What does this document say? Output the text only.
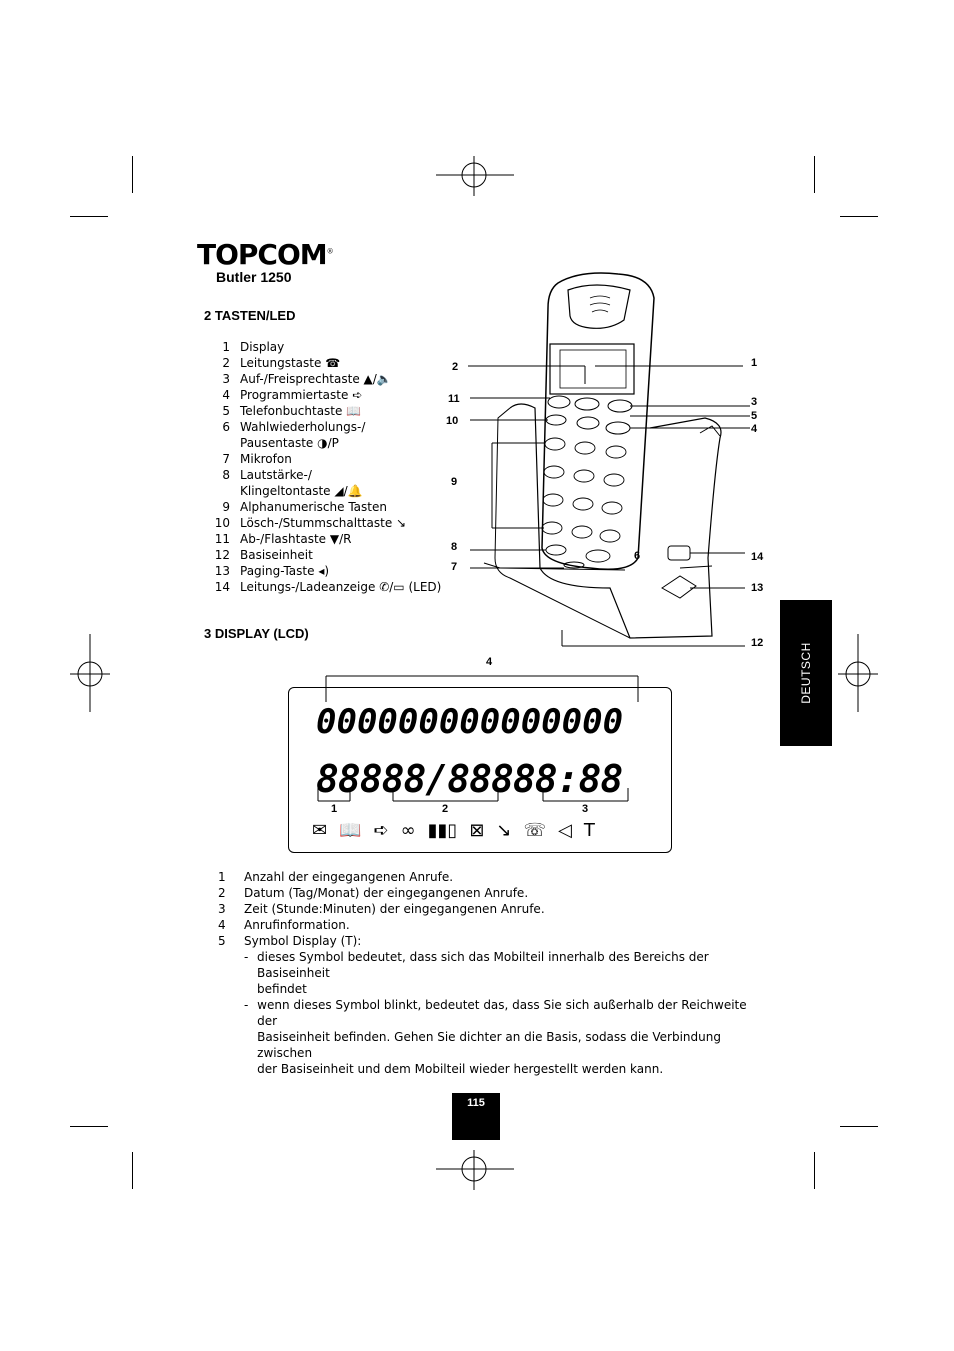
TOPCOM®
Butler 1250
2 TASTEN/LED
1 Display
2 Leitungstaste ☎
3 Auf-/Freisprechtaste ▲/🔈
4 Programmiertaste ➪
5 Telefonbuchtaste 📖
6 Wahlwiederholungs-/
Pausentaste ◑/P
7 Mikrofon
8 Lautstärke-/
Klingeltontaste ◢/🔔
9 Alphanumerische Tasten
10 Lösch-/Stummschalttaste ↘
11 Ab-/Flashtaste ▼/R
12 Basiseinheit
13 Paging-Taste ◂)
14 Leitungs-/Ladeanzeige ✆/▭ (LED)
2
11
10
9
8
7
1
3
5
4
6	14
13
12	DEUTSCH
3 DISPLAY (LCD)
4
000000000000000
88888/88888:88
1	2	3
✉ 📖 ➪ ∞ ▮▮▯ ⊠ ↘ ☏ ◁ T
1	Anzahl der eingegangenen Anrufe.
2	Datum (Tag/Monat) der eingegangenen Anrufe.
3	Zeit (Stunde:Minuten) der eingegangenen Anrufe.
4	Anrufinformation.
5	Symbol Display (T):
- dieses Symbol bedeutet, dass sich das Mobilteil innerhalb des Bereichs der Basiseinheit
befindet
- wenn dieses Symbol blinkt, bedeutet das, dass Sie sich außerhalb der Reichweite der
Basiseinheit befinden. Gehen Sie dichter an die Basis, sodass die Verbindung zwischen
der Basiseinheit und dem Mobilteil wieder hergestellt werden kann.
115
